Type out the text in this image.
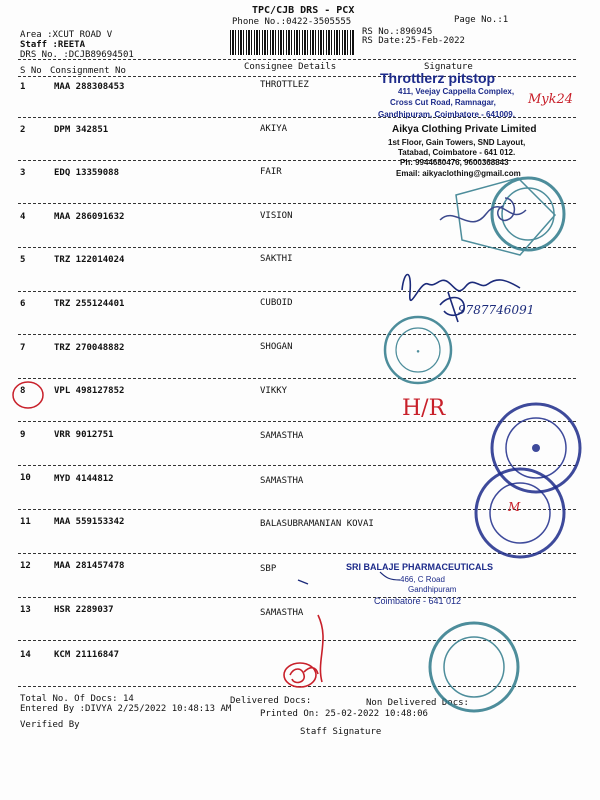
TPC/CJB DRS - PCX
Phone No.:0422-3505555	Page No.:1
Area :XCUT ROAD V
Staff :REETA
DRS No. :DCJB89694501
RS No.:896945
RS Date:25-Feb-2022
S No Consignment No	Consignee Details	Signature
1	MAA 288308453	THROTTLEZ
2	DPM 342851	AKIYA
3	EDQ 13359088	FAIR
4	MAA 286091632	VISION
5	TRZ 122014024	SAKTHI
6	TRZ 255124401	CUBOID
7	TRZ 270048882	SHOGAN
8	VPL 498127852	VIKKY
9	VRR 9012751	SAMASTHA
10	MYD 4144812	SAMASTHA
11	MAA 559153342	BALASUBRAMANIAN KOVAI
12	MAA 281457478	SBP
13	HSR 2289037	SAMASTHA
14	KCM 21116847
Total No. Of Docs: 14	Delivered Docs:	Non Delivered Docs:
Entered By :DIVYA 2/25/2022 10:48:13 AM	Printed On: 25-02-2022 10:48:06
Verified By
Staff Signature
Throttlerz pitstop
411, Veejay Cappella Complex,
Cross Cut Road, Ramnagar,
Gandhipuram, Coimbatore - 641009.
Aikya Clothing Private Limited
1st Floor, Gain Towers, SND Layout,
Tatabad, Coimbatore - 641 012.
Ph: 9944680476, 9600368843
Email: aikyaclothing@gmail.com
SRI BALAJE PHARMACEUTICALS
466, C Road
Gandhipuram
Coimbatore - 641 012
Myk24
9787746091
H/R
M
●
